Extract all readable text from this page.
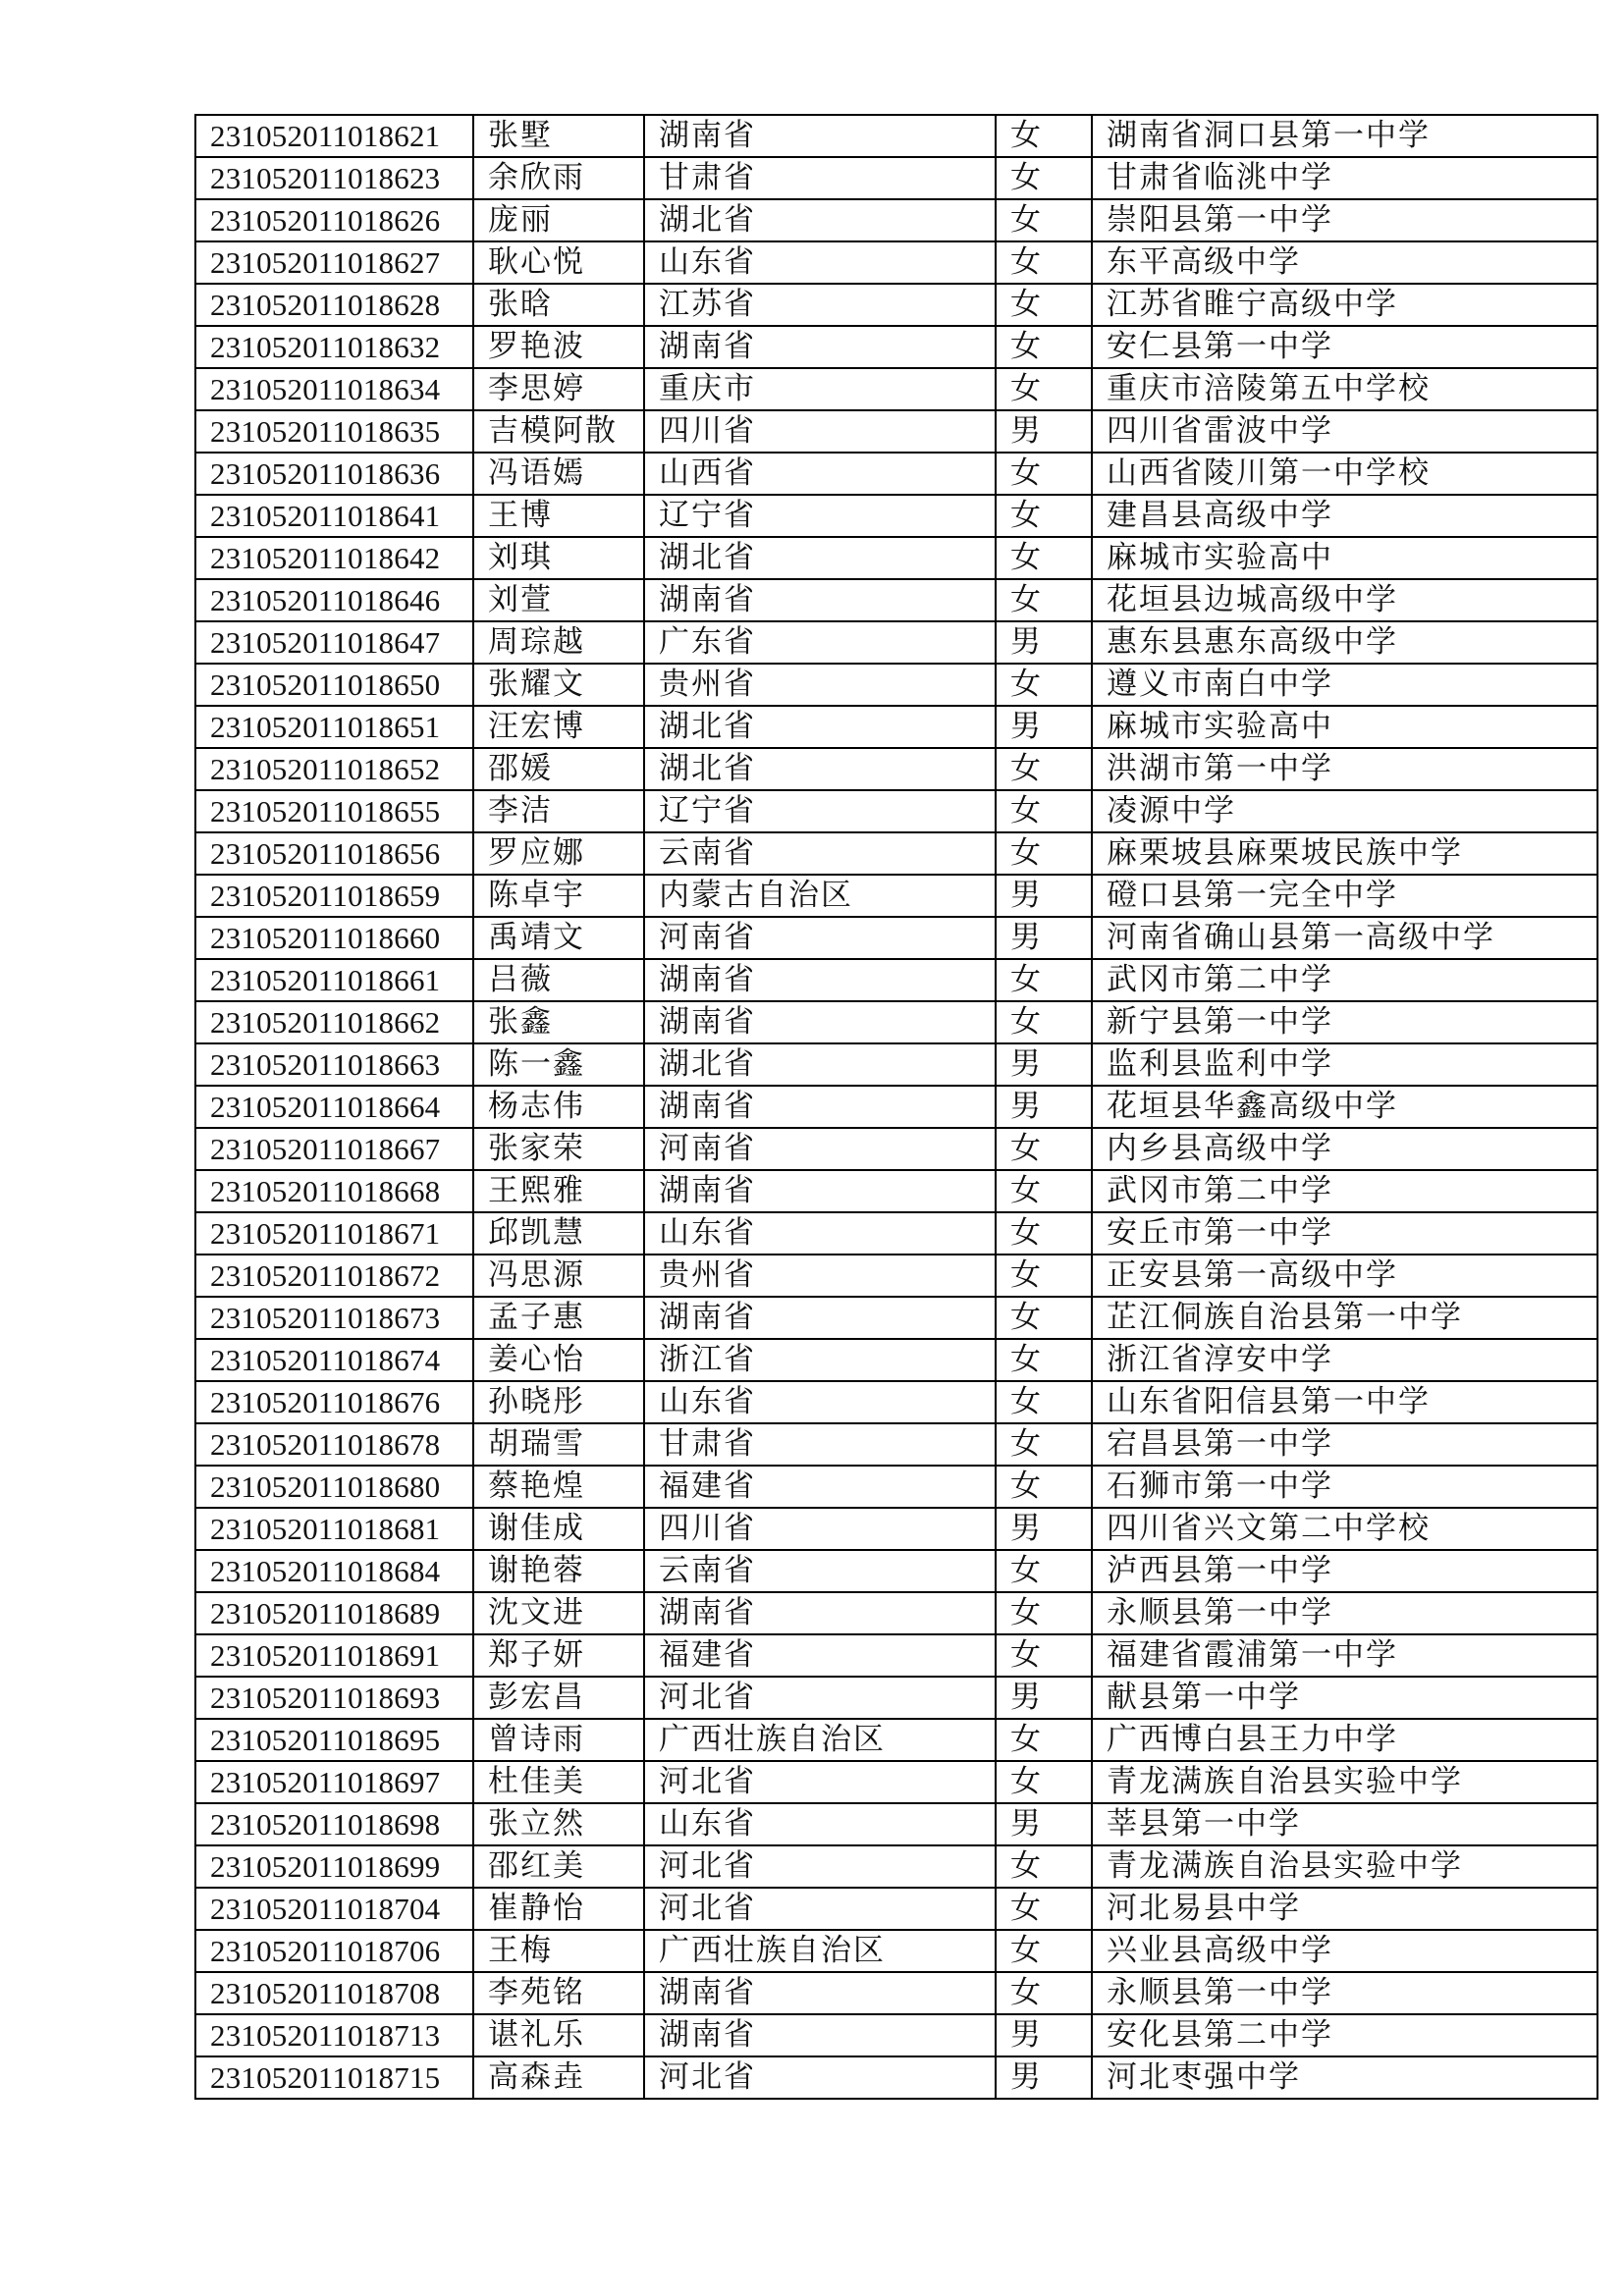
231052011018621	张墅	湖南省	女	湖南省洞口县第一中学
231052011018623	余欣雨	甘肃省	女	甘肃省临洮中学
231052011018626	庞丽	湖北省	女	崇阳县第一中学
231052011018627	耿心悦	山东省	女	东平高级中学
231052011018628	张晗	江苏省	女	江苏省睢宁高级中学
231052011018632	罗艳波	湖南省	女	安仁县第一中学
231052011018634	李思婷	重庆市	女	重庆市涪陵第五中学校
231052011018635	吉模阿散	四川省	男	四川省雷波中学
231052011018636	冯语嫣	山西省	女	山西省陵川第一中学校
231052011018641	王博	辽宁省	女	建昌县高级中学
231052011018642	刘琪	湖北省	女	麻城市实验高中
231052011018646	刘萱	湖南省	女	花垣县边城高级中学
231052011018647	周琮越	广东省	男	惠东县惠东高级中学
231052011018650	张耀文	贵州省	女	遵义市南白中学
231052011018651	汪宏博	湖北省	男	麻城市实验高中
231052011018652	邵媛	湖北省	女	洪湖市第一中学
231052011018655	李洁	辽宁省	女	凌源中学
231052011018656	罗应娜	云南省	女	麻栗坡县麻栗坡民族中学
231052011018659	陈卓宇	内蒙古自治区	男	磴口县第一完全中学
231052011018660	禹靖文	河南省	男	河南省确山县第一高级中学
231052011018661	吕薇	湖南省	女	武冈市第二中学
231052011018662	张鑫	湖南省	女	新宁县第一中学
231052011018663	陈一鑫	湖北省	男	监利县监利中学
231052011018664	杨志伟	湖南省	男	花垣县华鑫高级中学
231052011018667	张家荣	河南省	女	内乡县高级中学
231052011018668	王熙雅	湖南省	女	武冈市第二中学
231052011018671	邱凯慧	山东省	女	安丘市第一中学
231052011018672	冯思源	贵州省	女	正安县第一高级中学
231052011018673	孟子惠	湖南省	女	芷江侗族自治县第一中学
231052011018674	姜心怡	浙江省	女	浙江省淳安中学
231052011018676	孙晓彤	山东省	女	山东省阳信县第一中学
231052011018678	胡瑞雪	甘肃省	女	宕昌县第一中学
231052011018680	蔡艳煌	福建省	女	石狮市第一中学
231052011018681	谢佳成	四川省	男	四川省兴文第二中学校
231052011018684	谢艳蓉	云南省	女	泸西县第一中学
231052011018689	沈文进	湖南省	女	永顺县第一中学
231052011018691	郑子妍	福建省	女	福建省霞浦第一中学
231052011018693	彭宏昌	河北省	男	献县第一中学
231052011018695	曾诗雨	广西壮族自治区	女	广西博白县王力中学
231052011018697	杜佳美	河北省	女	青龙满族自治县实验中学
231052011018698	张立然	山东省	男	莘县第一中学
231052011018699	邵红美	河北省	女	青龙满族自治县实验中学
231052011018704	崔静怡	河北省	女	河北易县中学
231052011018706	王梅	广西壮族自治区	女	兴业县高级中学
231052011018708	李苑铭	湖南省	女	永顺县第一中学
231052011018713	谌礼乐	湖南省	男	安化县第二中学
231052011018715	高森垚	河北省	男	河北枣强中学
